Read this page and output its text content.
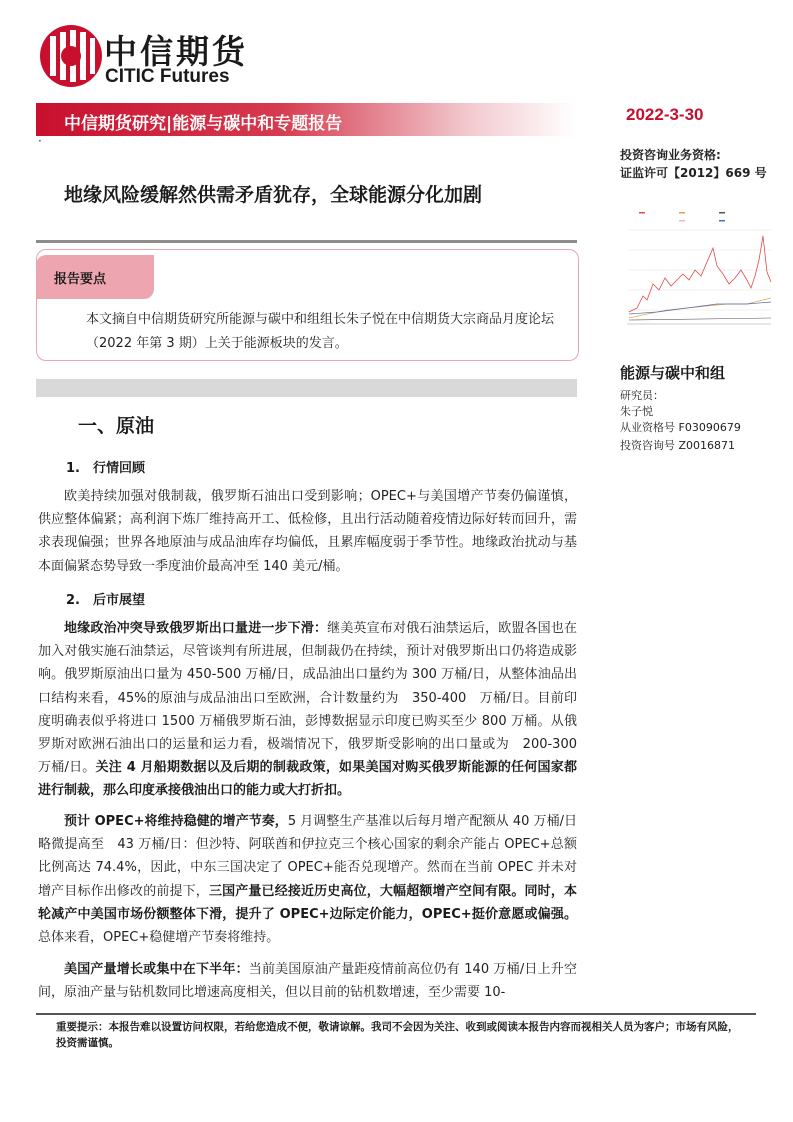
中信期货
CITIC Futures
中信期货研究|能源与碳中和专题报告	2022-3-30
·
投资咨询业务资格:
证监许可【2012】669 号
地缘风险缓解然供需矛盾犹存，全球能源分化加剧
报告要点
本文摘自中信期货研究所能源与碳中和组组长朱子悦在中信期货大宗商品月度论坛（2022 年第 3 期）上关于能源板块的发言。
一、原油
1.　行情回顾

欧美持续加强对俄制裁，俄罗斯石油出口受到影响；OPEC+与美国增产节奏仍偏谨慎，供应整体偏紧；高利润下炼厂维持高开工、低检修，且出行活动随着疫情边际好转而回升，需求表现偏强；世界各地原油与成品油库存均偏低，且累库幅度弱于季节性。地缘政治扰动与基本面偏紧态势导致一季度油价最高冲至 140 美元/桶。

2.　后市展望

地缘政治冲突导致俄罗斯出口量进一步下滑：继美英宣布对俄石油禁运后，欧盟各国也在加入对俄实施石油禁运，尽管谈判有所进展，但制裁仍在持续，预计对俄罗斯出口仍将造成影响。俄罗斯原油出口量为 450-500 万桶/日，成品油出口量约为 300 万桶/日，从整体油品出口结构来看，45%的原油与成品油出口至欧洲，合计数量约为　350-400　万桶/日。目前印度明确表似乎将进口 1500 万桶俄罗斯石油，彭博数据显示印度已购买至少 800 万桶。从俄罗斯对欧洲石油出口的运量和运力看，极端情况下，俄罗斯受影响的出口量或为　200-300　万桶/日。关注 4 月船期数据以及后期的制裁政策，如果美国对购买俄罗斯能源的任何国家都进行制裁，那么印度承接俄油出口的能力或大打折扣。

预计 OPEC+将维持稳健的增产节奏，5 月调整生产基准以后每月增产配额从 40 万桶/日略微提高至　43 万桶/日：但沙特、阿联酋和伊拉克三个核心国家的剩余产能占 OPEC+总额比例高达 74.4%，因此，中东三国决定了 OPEC+能否兑现增产。然而在当前 OPEC 并未对增产目标作出修改的前提下，三国产量已经接近历史高位，大幅超额增产空间有限。同时，本轮减产中美国市场份额整体下滑，提升了 OPEC+边际定价能力，OPEC+挺价意愿或偏强。总体来看，OPEC+稳健增产节奏将维持。

美国产量增长或集中在下半年：当前美国原油产量距疫情前高位仍有 140 万桶/日上升空间，原油产量与钻机数同比增速高度相关，但以目前的钻机数增速，至少需要 10-

能源与碳中和组
研究员：
朱子悦
从业资格号 F03090679
投资咨询号 Z0016871
重要提示：本报告难以设置访问权限，若给您造成不便，敬请谅解。我司不会因为关注、收到或阅读本报告内容而视相关人员为客户；市场有风险，投资需谨慎。
